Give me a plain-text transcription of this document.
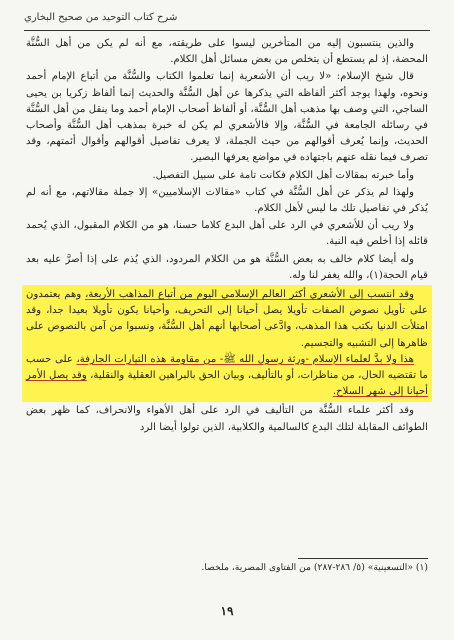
شرح كتاب التوحيد من صحيح البخاري

والذين ينتسبون إليه من المتأخرين ليسوا على طريقته، مع أنه لم يكن من أهل السُّنَّة المحضة، إذ لم يستطع أن يتخلص من بعض مسائل أهل الكلام.

قال شيخ الإسلام: «لا ريب أن الأشعرية إنما تعلموا الكتاب والسُّنَّة من أتباع الإمام أحمد ونحوه، ولهذا يوجد أكثر ألفاظه التي يذكرها عن أهل السُّنَّة والحديث إنما ألفاظ زكريا بن يحيى الساجي، التي وصف بها مذهب أهل السُّنَّة، أو ألفاظ أصحاب الإمام أحمد وما ينقل من أهل السُّنَّة في رسائله الجامعة في السُّنَّة، وإلا فالأشعري لم يكن له خبرة بمذهب أهل السُّنَّة وأصحاب الحديث، وإنما يُعرف أقوالهم من حيث الجملة، لا يعرف تفاصيل أقوالهم وأقوال أئمتهم، وقد تصرف فيما نقله عنهم باجتهاده في مواضع يعرفها البصير.

وأما خبرته بمقالات أهل الكلام فكانت تامة على سبيل التفصيل.

ولهذا لم يذكر عن أهل السُّنَّة في كتاب «مقالات الإسلاميين» إلا جملة مقالاتهم، مع أنه لم يُذكر في تفاصيل تلك ما ليس لأهل الكلام.

ولا ريب أن للأشعري في الرد على أهل البدع كلاما حسنا، هو من الكلام المقبول، الذي يُحمد قائله إذا أخلص فيه النية.

وله أيضا كلام خالف به بعض السُّنَّة هو من الكلام المردود، الذي يُذم على إذا أصرَّ عليه بعد قيام الحجة(١)، والله يغفر لنا وله.

وقد انتسب إلى الأشعري أكثر العالم الإسلامي اليوم من أتباع المذاهب الأربعة، وهم يعتمدون على تأويل نصوص الصفات تأويلا يصل أحيانا إلى التحريف، وأحيانا يكون تأويلا بعيدا جدا، وقد امتلأت الدنيا بكتب هذا المذهب، وادَّعى أصحابها أنهم أهل السُّنَّة، ونسبوا من آمن بالنصوص على ظاهرها إلى التشبيه والتجسيم.

هذا ولا بدَّ لعلماء الإسلام -ورثة رسول الله ﷺ- من مقاومة هذه التيارات الجارفة، على حسب ما تقتضيه الحال، من مناظرات، أو بالتأليف، وبيان الحق بالبراهين العقلية والنقلية، وقد يصل الأمر أحيانا إلى شهر السلاح.

وقد أكثر علماء السُّنَّة من التأليف في الرد على أهل الأهواء والانحراف، كما ظهر بعض الطوائف المقابلة لتلك البدع كالسالمية والكلابية، الذين تولوا أيضا الرد

(١) «التسعينية» (٥/ ٢٨٦-٢٨٧) من الفتاوى المصرية، ملخصا.
١٩
